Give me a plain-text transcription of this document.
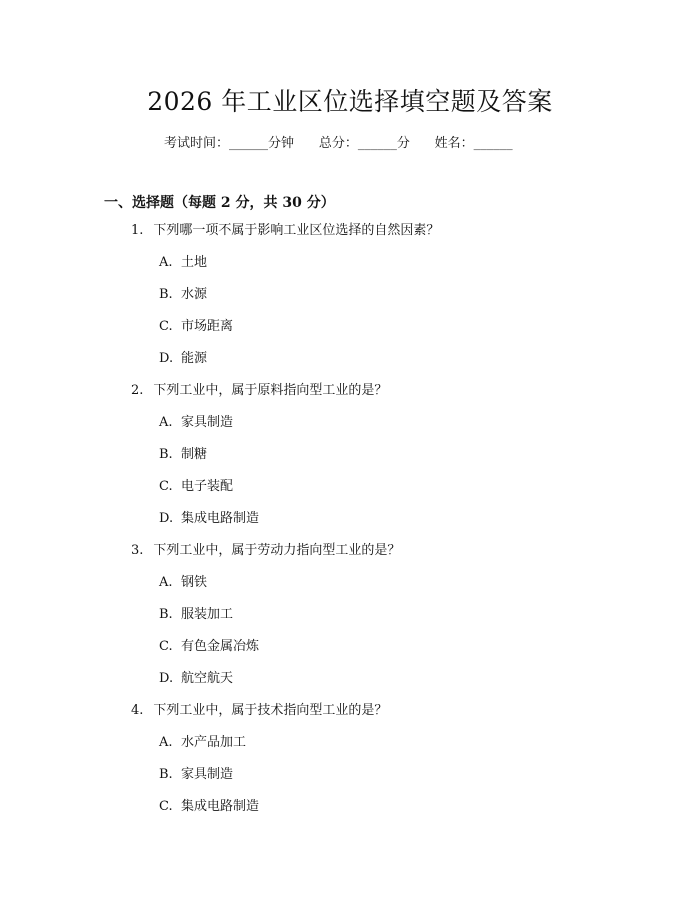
2026 年工业区位选择填空题及答案
考试时间：______分钟 总分：______分 姓名：______
一、选择题（每题 2 分，共 30 分）
1. 下列哪一项不属于影响工业区位选择的自然因素？
A. 土地
B. 水源
C. 市场距离
D. 能源
2. 下列工业中，属于原料指向型工业的是？
A. 家具制造
B. 制糖
C. 电子装配
D. 集成电路制造
3. 下列工业中，属于劳动力指向型工业的是？
A. 钢铁
B. 服装加工
C. 有色金属冶炼
D. 航空航天
4. 下列工业中，属于技术指向型工业的是？
A. 水产品加工
B. 家具制造
C. 集成电路制造
